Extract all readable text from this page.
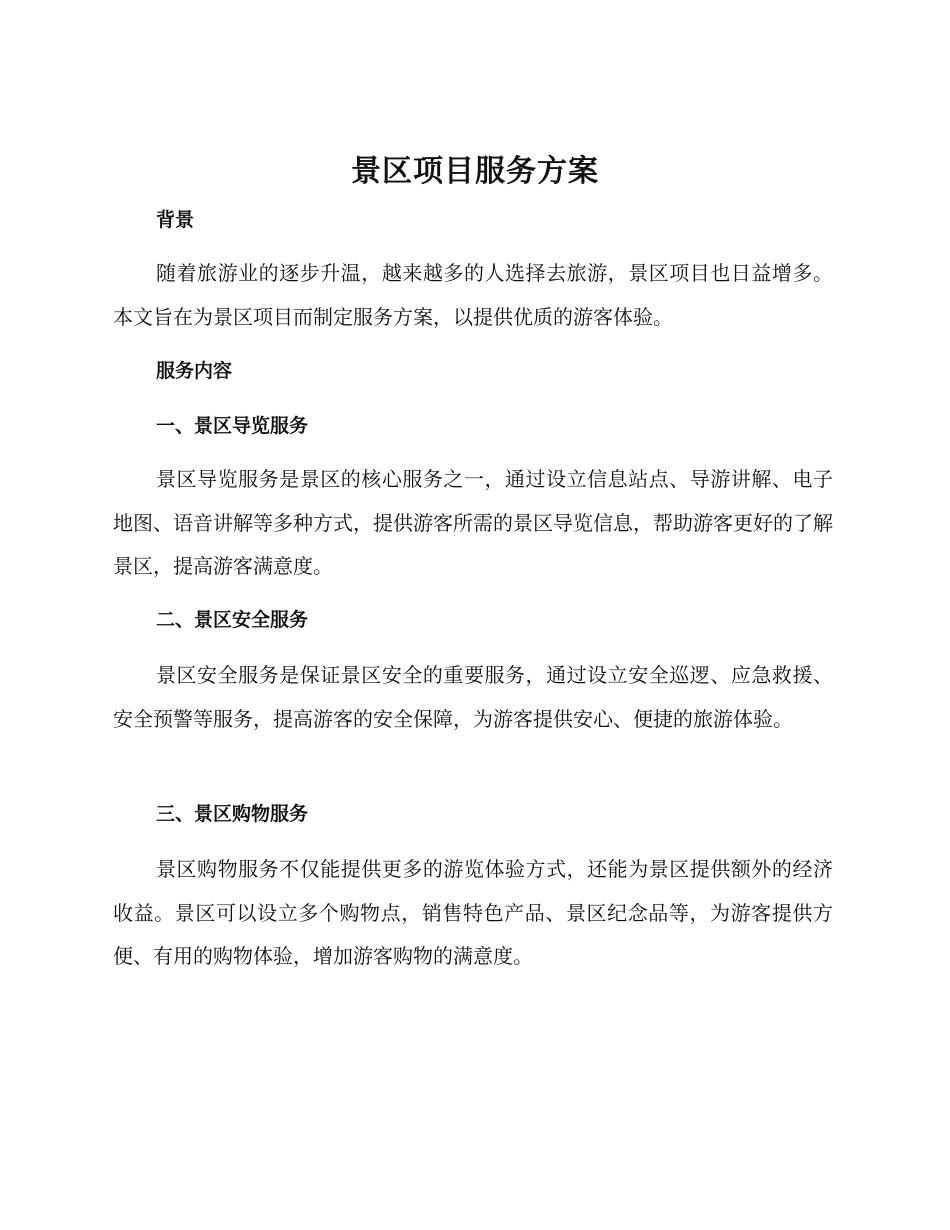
景区项目服务方案
背景

随着旅游业的逐步升温，越来越多的人选择去旅游，景区项目也日益增多。本文旨在为景区项目而制定服务方案，以提供优质的游客体验。

服务内容
一、景区导览服务

景区导览服务是景区的核心服务之一，通过设立信息站点、导游讲解、电子地图、语音讲解等多种方式，提供游客所需的景区导览信息，帮助游客更好的了解景区，提高游客满意度。

二、景区安全服务

景区安全服务是保证景区安全的重要服务，通过设立安全巡逻、应急救援、安全预警等服务，提高游客的安全保障，为游客提供安心、便捷的旅游体验。

三、景区购物服务

景区购物服务不仅能提供更多的游览体验方式，还能为景区提供额外的经济收益。景区可以设立多个购物点，销售特色产品、景区纪念品等，为游客提供方便、有用的购物体验，增加游客购物的满意度。
